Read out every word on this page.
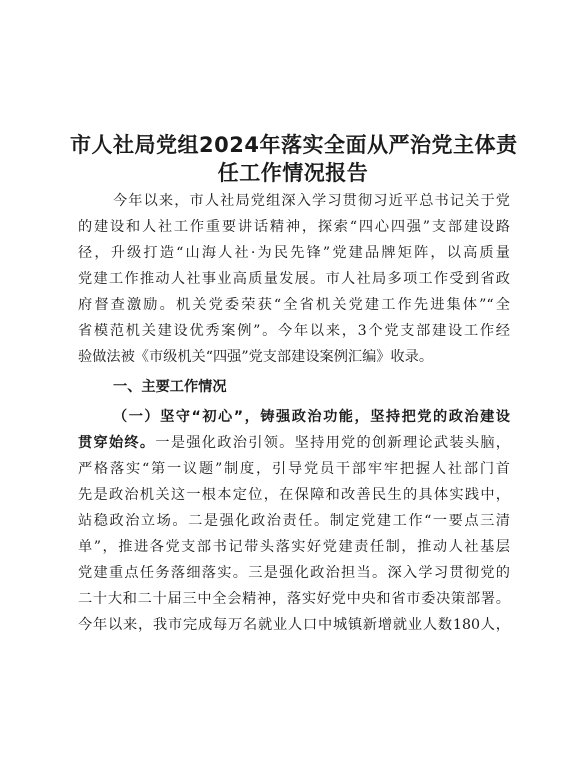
市人社局党组2024年落实全面从严治党主体责
任工作情况报告

今年以来，市人社局党组深入学习贯彻习近平总书记关于党

的建设和人社工作重要讲话精神，探索“四心四强”支部建设路

径，升级打造“山海人社·为民先锋”党建品牌矩阵，以高质量

党建工作推动人社事业高质量发展。市人社局多项工作受到省政

府督查激励。机关党委荣获“全省机关党建工作先进集体”“全

省模范机关建设优秀案例”。今年以来，3个党支部建设工作经

验做法被《市级机关“四强”党支部建设案例汇编》收录。

一、主要工作情况

（一）坚守“初心”，铸强政治功能，坚持把党的政治建设

贯穿始终。一是强化政治引领。坚持用党的创新理论武装头脑，

严格落实“第一议题”制度，引导党员干部牢牢把握人社部门首

先是政治机关这一根本定位，在保障和改善民生的具体实践中，

站稳政治立场。二是强化政治责任。制定党建工作“一要点三清

单”，推进各党支部书记带头落实好党建责任制，推动人社基层

党建重点任务落细落实。三是强化政治担当。深入学习贯彻党的

二十大和二十届三中全会精神，落实好党中央和省市委决策部署。

今年以来，我市完成每万名就业人口中城镇新增就业人数180人，
